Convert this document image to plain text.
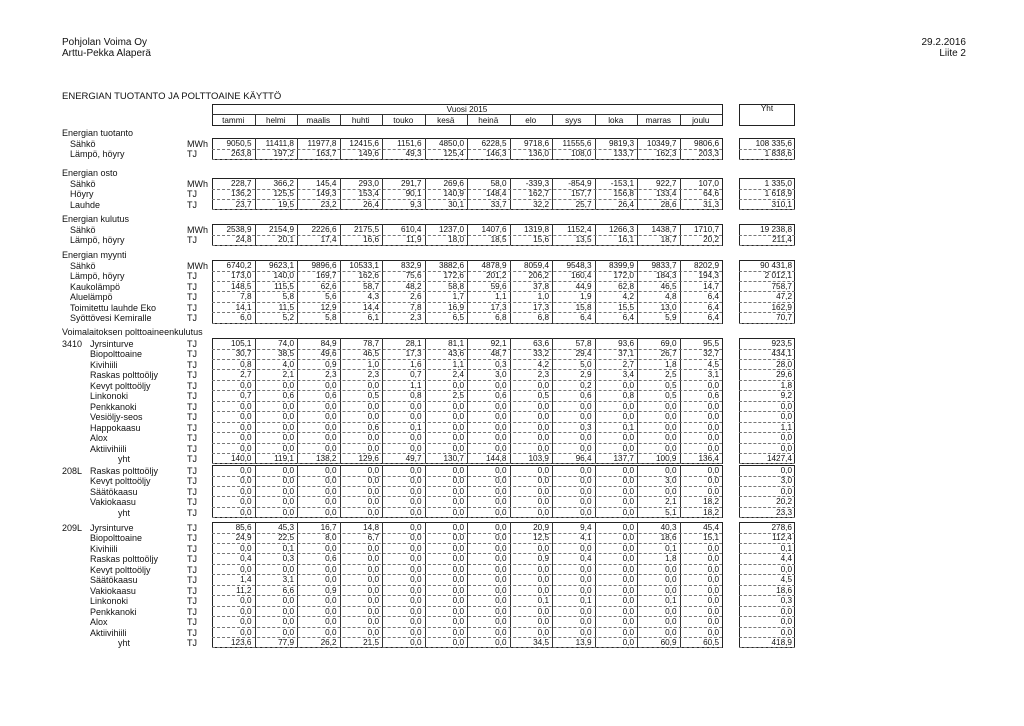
Pohjolan Voima Oy
Arttu-Pekka Alaperä
29.2.2016
Liite 2
ENERGIAN TUOTANTO JA POLTTOAINE KÄYTTÖ
Vuosi 2015	Yht
tammi	helmi	maalis	huhti	touko	kesä	heinä	elo	syys	loka	marras	joulu
Energian tuotanto
Sähkö	MWh	9050,5	11411,8	11977,8	12415,6	1151,6	4850,0	6228,5	9718,6	11555,6	9819,3	10349,7	9806,6	108 335,6
Lämpö, höyry	TJ	263,8	197,2	163,7	149,6	49,3	125,4	146,3	136,0	108,0	133,7	162,3	203,3	1 838,6
Energian osto
Sähkö	MWh	228,7	366,2	145,4	293,0	291,7	269,6	58,0	-339,3	-854,9	-153,1	922,7	107,0	1 335,0
Höyry	TJ	136,2	125,5	149,3	153,4	90,1	140,9	148,4	162,7	157,7	156,8	133,4	64,6	1 618,9
Lauhde	TJ	23,7	19,5	23,2	26,4	9,3	30,1	33,7	32,2	25,7	26,4	28,6	31,3	310,1
Energian kulutus
Sähkö	MWh	2538,9	2154,9	2226,6	2175,5	610,4	1237,0	1407,6	1319,8	1152,4	1266,3	1438,7	1710,7	19 238,8
Lämpö, höyry	TJ	24,8	20,1	17,4	16,6	11,9	18,0	18,5	15,6	13,5	16,1	18,7	20,2	211,4
Energian myynti
Sähkö	MWh	6740,2	9623,1	9896,6	10533,1	832,9	3882,6	4878,9	8059,4	9548,3	8399,9	9833,7	8202,9	90 431,8
Lämpö, höyry	TJ	173,0	140,0	169,7	162,6	75,6	172,6	201,2	206,2	160,4	172,0	184,3	194,3	2 012,1
Kaukolämpö	TJ	148,5	115,5	62,6	58,7	48,2	58,8	59,6	37,8	44,9	62,8	46,5	14,7	758,7
Aluelämpö	TJ	7,8	5,8	5,6	4,3	2,6	1,7	1,1	1,0	1,9	4,2	4,8	6,4	47,2
Toimitettu lauhde Eko	TJ	14,1	11,5	12,9	14,4	7,8	16,9	17,3	17,3	15,8	15,5	13,0	6,4	162,9
Syöttövesi Kemiralle	TJ	6,0	5,2	5,8	6,1	2,3	6,5	6,8	6,8	6,4	6,4	5,9	6,4	70,7
Voimalaitoksen polttoaineenkulutus
3410 Jyrsinturve	TJ	105,1	74,0	84,9	78,7	28,1	81,1	92,1	63,6	57,8	93,6	69,0	95,5	923,5
Biopolttoaine	TJ	30,7	38,5	49,6	46,5	17,3	43,6	48,7	33,2	29,4	37,1	26,7	32,7	434,1
Kivihiili	TJ	0,8	4,0	0,9	1,0	1,6	1,1	0,3	4,2	5,0	2,7	1,8	4,5	28,0
Raskas polttoöljy	TJ	2,7	2,1	2,3	2,3	0,7	2,4	3,0	2,3	2,9	3,4	2,5	3,1	29,6
Kevyt polttoöljy	TJ	0,0	0,0	0,0	0,0	1,1	0,0	0,0	0,0	0,2	0,0	0,5	0,0	1,8
Linkonoki	TJ	0,7	0,6	0,6	0,5	0,8	2,5	0,6	0,5	0,6	0,8	0,5	0,6	9,2
Penkkanoki	TJ	0,0	0,0	0,0	0,0	0,0	0,0	0,0	0,0	0,0	0,0	0,0	0,0	0,0
Vesiöljy-seos	TJ	0,0	0,0	0,0	0,0	0,0	0,0	0,0	0,0	0,0	0,0	0,0	0,0	0,0
Happokaasu	TJ	0,0	0,0	0,0	0,6	0,1	0,0	0,0	0,0	0,3	0,1	0,0	0,0	1,1
Alox	TJ	0,0	0,0	0,0	0,0	0,0	0,0	0,0	0,0	0,0	0,0	0,0	0,0	0,0
Aktiivihiili	TJ	0,0	0,0	0,0	0,0	0,0	0,0	0,0	0,0	0,0	0,0	0,0	0,0	0,0
yht	TJ	140,0	119,1	138,2	129,6	49,7	130,7	144,8	103,9	96,4	137,7	100,9	136,4	1427,4
208L Raskas polttoöljy	TJ	0,0	0,0	0,0	0,0	0,0	0,0	0,0	0,0	0,0	0,0	0,0	0,0	0,0
Kevyt polttoöljy	TJ	0,0	0,0	0,0	0,0	0,0	0,0	0,0	0,0	0,0	0,0	3,0	0,0	3,0
Säätökaasu	TJ	0,0	0,0	0,0	0,0	0,0	0,0	0,0	0,0	0,0	0,0	0,0	0,0	0,0
Vakiokaasu	TJ	0,0	0,0	0,0	0,0	0,0	0,0	0,0	0,0	0,0	0,0	2,1	18,2	20,2
yht	TJ	0,0	0,0	0,0	0,0	0,0	0,0	0,0	0,0	0,0	0,0	5,1	18,2	23,3
209L Jyrsinturve	TJ	85,6	45,3	16,7	14,8	0,0	0,0	0,0	20,9	9,4	0,0	40,3	45,4	278,6
Biopolttoaine	TJ	24,9	22,5	8,0	6,7	0,0	0,0	0,0	12,5	4,1	0,0	18,6	15,1	112,4
Kivihiili	TJ	0,0	0,1	0,0	0,0	0,0	0,0	0,0	0,0	0,0	0,0	0,1	0,0	0,1
Raskas polttoöljy	TJ	0,4	0,3	0,6	0,0	0,0	0,0	0,0	0,9	0,4	0,0	1,8	0,0	4,4
Kevyt polttoöljy	TJ	0,0	0,0	0,0	0,0	0,0	0,0	0,0	0,0	0,0	0,0	0,0	0,0	0,0
Säätökaasu	TJ	1,4	3,1	0,0	0,0	0,0	0,0	0,0	0,0	0,0	0,0	0,0	0,0	4,5
Vakiokaasu	TJ	11,2	6,6	0,9	0,0	0,0	0,0	0,0	0,0	0,0	0,0	0,0	0,0	18,6
Linkonoki	TJ	0,0	0,0	0,0	0,0	0,0	0,0	0,0	0,1	0,1	0,0	0,1	0,0	0,3
Penkkanoki	TJ	0,0	0,0	0,0	0,0	0,0	0,0	0,0	0,0	0,0	0,0	0,0	0,0	0,0
Alox	TJ	0,0	0,0	0,0	0,0	0,0	0,0	0,0	0,0	0,0	0,0	0,0	0,0	0,0
Aktiivihiili	TJ	0,0	0,0	0,0	0,0	0,0	0,0	0,0	0,0	0,0	0,0	0,0	0,0	0,0
yht	TJ	123,6	77,9	26,2	21,5	0,0	0,0	0,0	34,5	13,9	0,0	60,9	60,5	418,9
